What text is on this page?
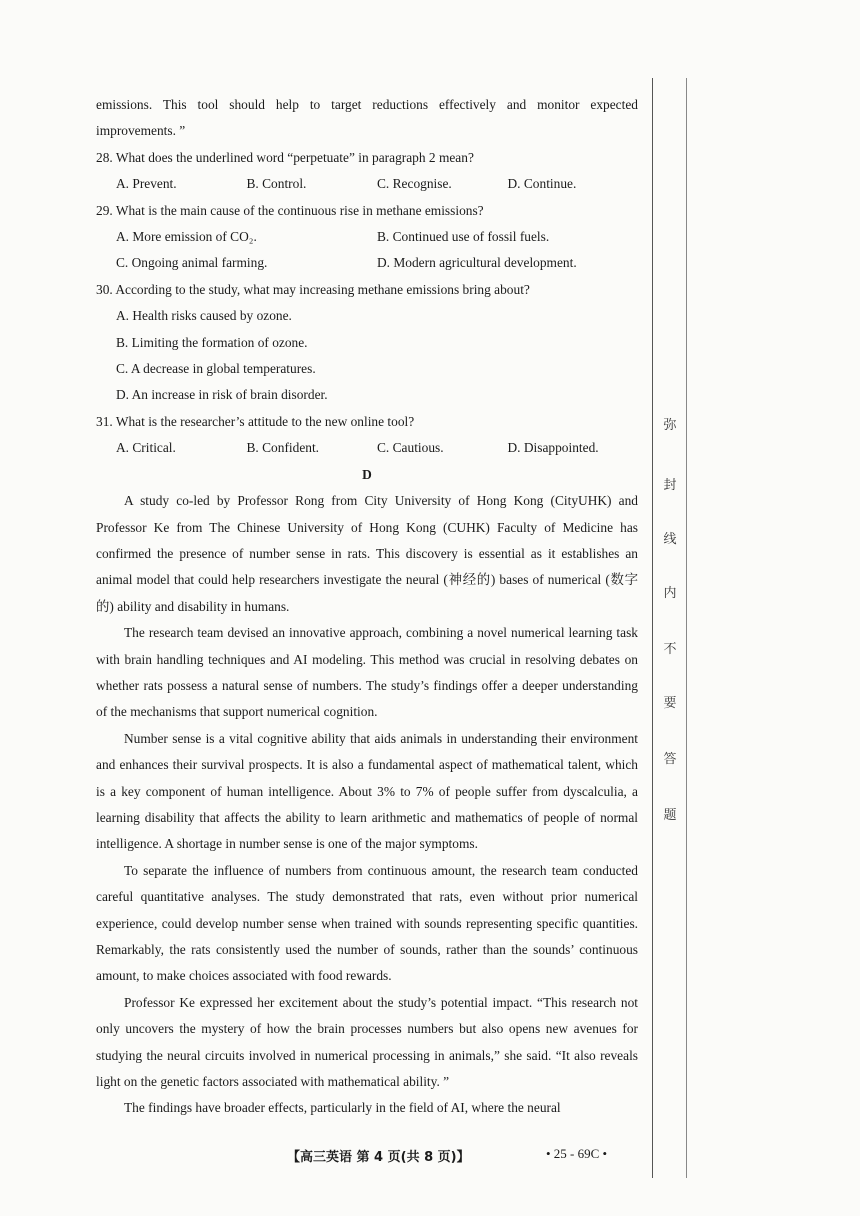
emissions. This tool should help to target reductions effectively and monitor expected improvements. ”

28. What does the underlined word “perpetuate” in paragraph 2 mean?

A. Prevent.	B. Control.	C. Recognise.	D. Continue.

29. What is the main cause of the continuous rise in methane emissions?

A. More emission of CO₂.	B. Continued use of fossil fuels.
C. Ongoing animal farming.	D. Modern agricultural development.

30. According to the study, what may increasing methane emissions bring about?

A. Health risks caused by ozone.
B. Limiting the formation of ozone.
C. A decrease in global temperatures.
D. An increase in risk of brain disorder.

31. What is the researcher’s attitude to the new online tool?

A. Critical.	B. Confident.	C. Cautious.	D. Disappointed.

D

A study co-led by Professor Rong from City University of Hong Kong (CityUHK) and Professor Ke from The Chinese University of Hong Kong (CUHK) Faculty of Medicine has confirmed the presence of number sense in rats. This discovery is essential as it establishes an animal model that could help researchers investigate the neural (神经的) bases of numerical (数字的) ability and disability in humans.

The research team devised an innovative approach, combining a novel numerical learning task with brain handling techniques and AI modeling. This method was crucial in resolving debates on whether rats possess a natural sense of numbers. The study’s findings offer a deeper understanding of the mechanisms that support numerical cognition.

Number sense is a vital cognitive ability that aids animals in understanding their environment and enhances their survival prospects. It is also a fundamental aspect of mathematical talent, which is a key component of human intelligence. About 3% to 7% of people suffer from dyscalculia, a learning disability that affects the ability to learn arithmetic and mathematics of people of normal intelligence. A shortage in number sense is one of the major symptoms.

To separate the influence of numbers from continuous amount, the research team conducted careful quantitative analyses. The study demonstrated that rats, even without prior numerical experience, could develop number sense when trained with sounds representing specific quantities. Remarkably, the rats consistently used the number of sounds, rather than the sounds’ continuous amount, to make choices associated with food rewards.

Professor Ke expressed her excitement about the study’s potential impact. “This research not only uncovers the mystery of how the brain processes numbers but also opens new avenues for studying the neural circuits involved in numerical processing in animals,” she said. “It also reveals light on the genetic factors associated with mathematical ability. ”

The findings have broader effects, particularly in the field of AI, where the neural

弥
封
线
内
不
要
答
题
【高三英语 第 4 页(共 8 页)】	• 25 - 69C •
